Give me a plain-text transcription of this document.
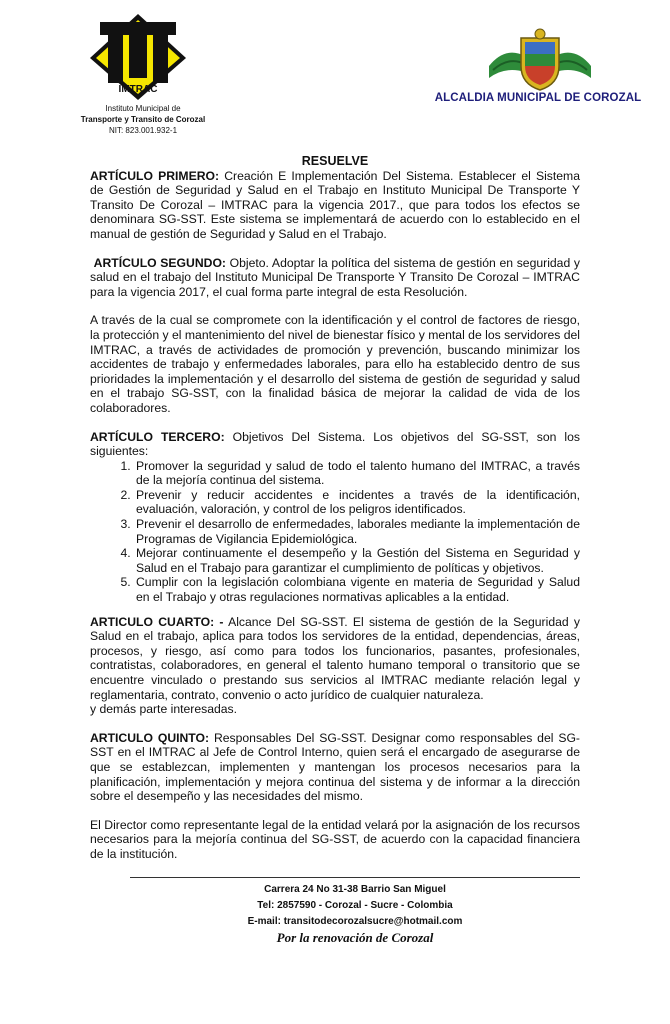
IMTRAC
Instituto Municipal de
Transporte y Transito de Corozal
NIT: 823.001.932-1
ALCALDIA MUNICIPAL DE COROZAL

RESUELVE

ARTÍCULO PRIMERO: Creación E Implementación Del Sistema. Establecer el Sistema de Gestión de Seguridad y Salud en el Trabajo en Instituto Municipal De Transporte Y Transito De Corozal – IMTRAC para la vigencia 2017., que para todos los efectos se denominara SG-SST. Este sistema se implementará de acuerdo con lo establecido en el manual de gestión de Seguridad y Salud en el Trabajo.

ARTÍCULO SEGUNDO: Objeto. Adoptar la política del sistema de gestión en seguridad y salud en el trabajo del Instituto Municipal De Transporte Y Transito De Corozal – IMTRAC para la vigencia 2017, el cual forma parte integral de esta Resolución.

A través de la cual se compromete con la identificación y el control de factores de riesgo, la protección y el mantenimiento del nivel de bienestar físico y mental de los servidores del IMTRAC, a través de actividades de promoción y prevención, buscando minimizar los accidentes de trabajo y enfermedades laborales, para ello ha establecido dentro de sus prioridades la implementación y el desarrollo del sistema de gestión de seguridad y salud en el trabajo SG-SST, con la finalidad básica de mejorar la calidad de vida de los colaboradores.

ARTÍCULO TERCERO: Objetivos Del Sistema. Los objetivos del SG-SST, son los siguientes:

1. Promover la seguridad y salud de todo el talento humano del IMTRAC, a través de la mejoría continua del sistema.
2. Prevenir y reducir accidentes e incidentes a través de la identificación, evaluación, valoración, y control de los peligros identificados.
3. Prevenir el desarrollo de enfermedades, laborales mediante la implementación de Programas de Vigilancia Epidemiológica.
4. Mejorar continuamente el desempeño y la Gestión del Sistema en Seguridad y Salud en el Trabajo para garantizar el cumplimiento de políticas y objetivos.
5. Cumplir con la legislación colombiana vigente en materia de Seguridad y Salud en el Trabajo y otras regulaciones normativas aplicables a la entidad.

ARTICULO CUARTO: - Alcance Del SG-SST. El sistema de gestión de la Seguridad y Salud en el trabajo, aplica para todos los servidores de la entidad, dependencias, áreas, procesos, y riesgo, así como para todos los funcionarios, pasantes, profesionales, contratistas, colaboradores, en general el talento humano temporal o transitorio que se encuentre vinculado o prestando sus servicios al IMTRAC mediante relación legal y reglamentaria, contrato, convenio o acto jurídico de cualquier naturaleza.

y demás parte interesadas.

ARTICULO QUINTO: Responsables Del SG-SST. Designar como responsables del SG-SST en el IMTRAC al Jefe de Control Interno, quien será el encargado de asegurarse de que se establezcan, implementen y mantengan los procesos necesarios para la planificación, implementación y mejora continua del sistema y de informar a la dirección sobre el desempeño y las necesidades del mismo.

El Director como representante legal de la entidad velará por la asignación de los recursos necesarios para la mejoría continua del SG-SST, de acuerdo con la capacidad financiera de la institución.

Carrera 24 No 31-38 Barrio San Miguel
Tel: 2857590 - Corozal - Sucre - Colombia
E-mail: transitodecorozalsucre@hotmail.com
Por la renovación de Corozal
